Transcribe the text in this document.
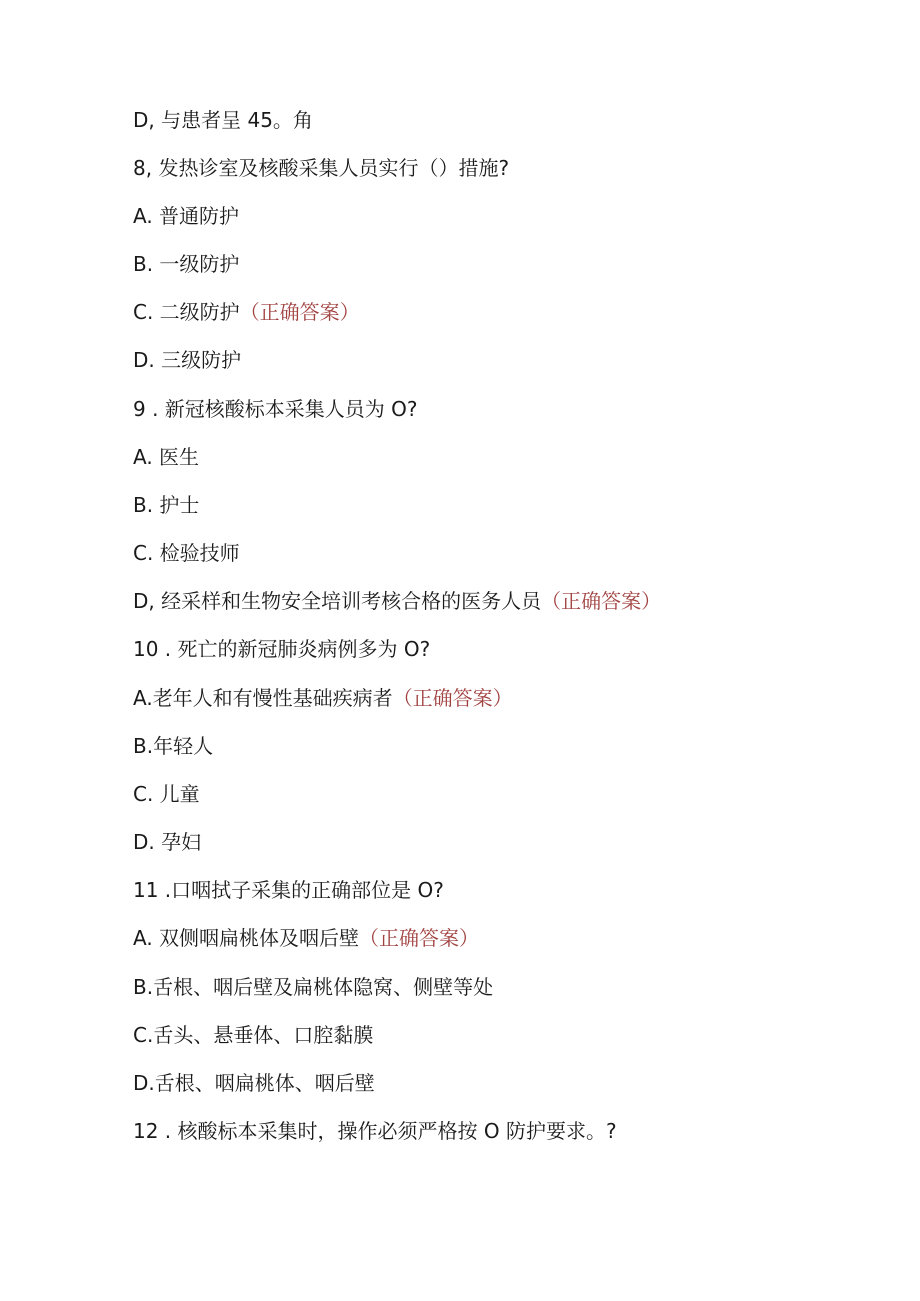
D, 与患者呈 45。角
8, 发热诊室及核酸采集人员实行（）措施?
A. 普通防护
B. 一级防护
C. 二级防护（正确答案）
D. 三级防护
9 . 新冠核酸标本采集人员为 O?
A. 医生
B. 护士
C. 检验技师
D, 经采样和生物安全培训考核合格的医务人员（正确答案）
10 . 死亡的新冠肺炎病例多为 O?
A.老年人和有慢性基础疾病者（正确答案）
B.年轻人
C. 儿童
D. 孕妇
11 .口咽拭子采集的正确部位是 O?
A. 双侧咽扁桃体及咽后壁（正确答案）
B.舌根、咽后壁及扁桃体隐窝、侧壁等处
C.舌头、悬垂体、口腔黏膜
D.舌根、咽扁桃体、咽后壁
12 . 核酸标本采集时，操作必须严格按 O 防护要求。?
